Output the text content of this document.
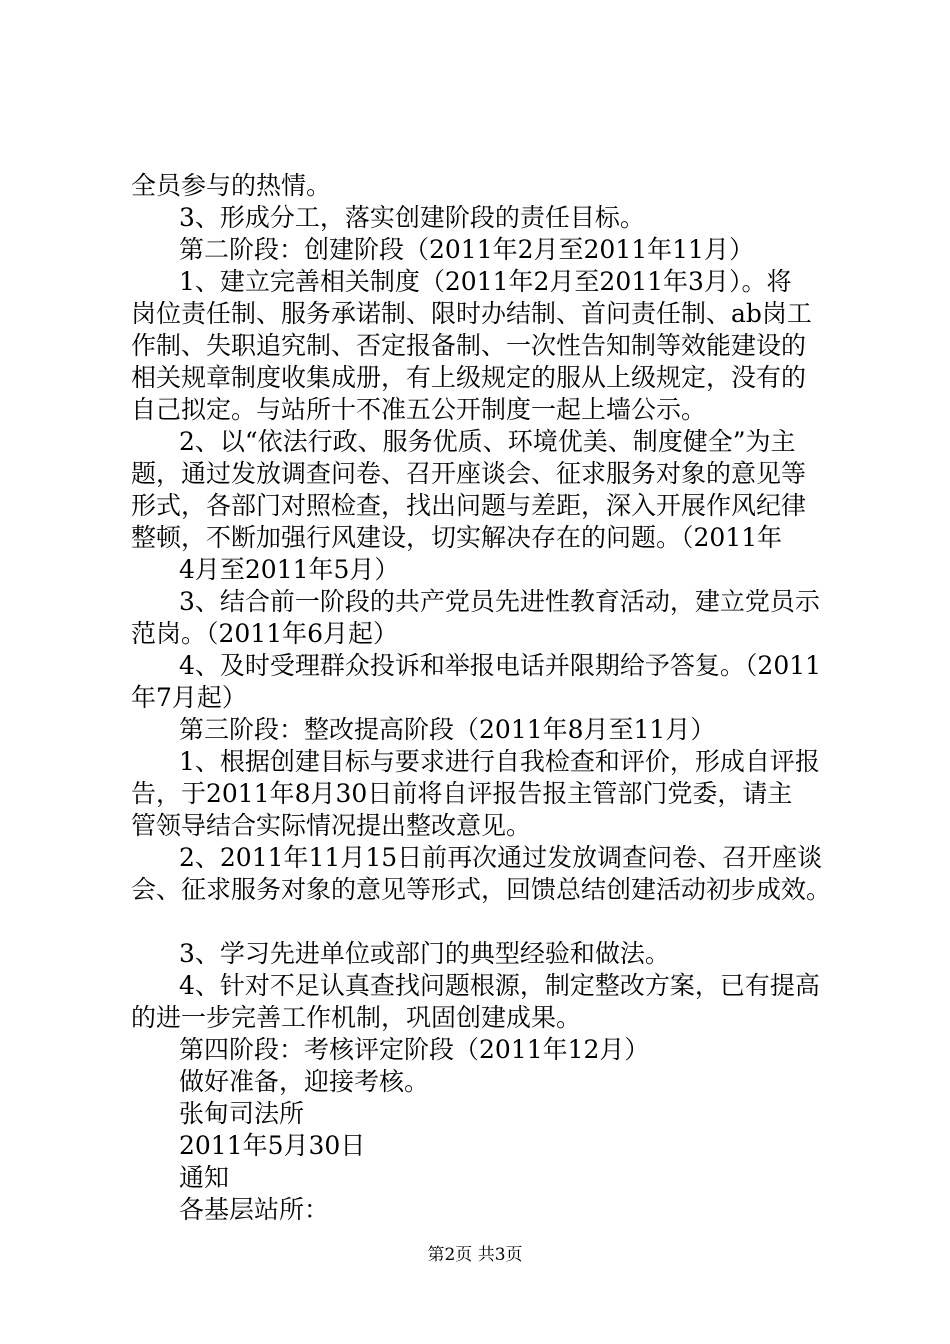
全员参与的热情。

3、形成分工，落实创建阶段的责任目标。

第二阶段：创建阶段（2011年2月至2011年11月）

1、建立完善相关制度（2011年2月至2011年3月）。将

岗位责任制、服务承诺制、限时办结制、首问责任制、ab岗工

作制、失职追究制、否定报备制、一次性告知制等效能建设的

相关规章制度收集成册，有上级规定的服从上级规定，没有的

自己拟定。与站所十不准五公开制度一起上墙公示。

2、以“依法行政、服务优质、环境优美、制度健全”为主

题，通过发放调查问卷、召开座谈会、征求服务对象的意见等

形式，各部门对照检查，找出问题与差距，深入开展作风纪律

整顿，不断加强行风建设，切实解决存在的问题。（2011年

4月至2011年5月）

3、结合前一阶段的共产党员先进性教育活动，建立党员示

范岗。（2011年6月起）

4、及时受理群众投诉和举报电话并限期给予答复。（2011

年7月起）

第三阶段：整改提高阶段（2011年8月至11月）

1、根据创建目标与要求进行自我检查和评价，形成自评报

告，于2011年8月30日前将自评报告报主管部门党委，请主

管领导结合实际情况提出整改意见。

2、2011年11月15日前再次通过发放调查问卷、召开座谈

会、征求服务对象的意见等形式，回馈总结创建活动初步成效。

3、学习先进单位或部门的典型经验和做法。

4、针对不足认真查找问题根源，制定整改方案，已有提高

的进一步完善工作机制，巩固创建成果。

第四阶段：考核评定阶段（2011年12月）

做好准备，迎接考核。

张甸司法所

2011年5月30日

通知

各基层站所：

第2页 共3页
